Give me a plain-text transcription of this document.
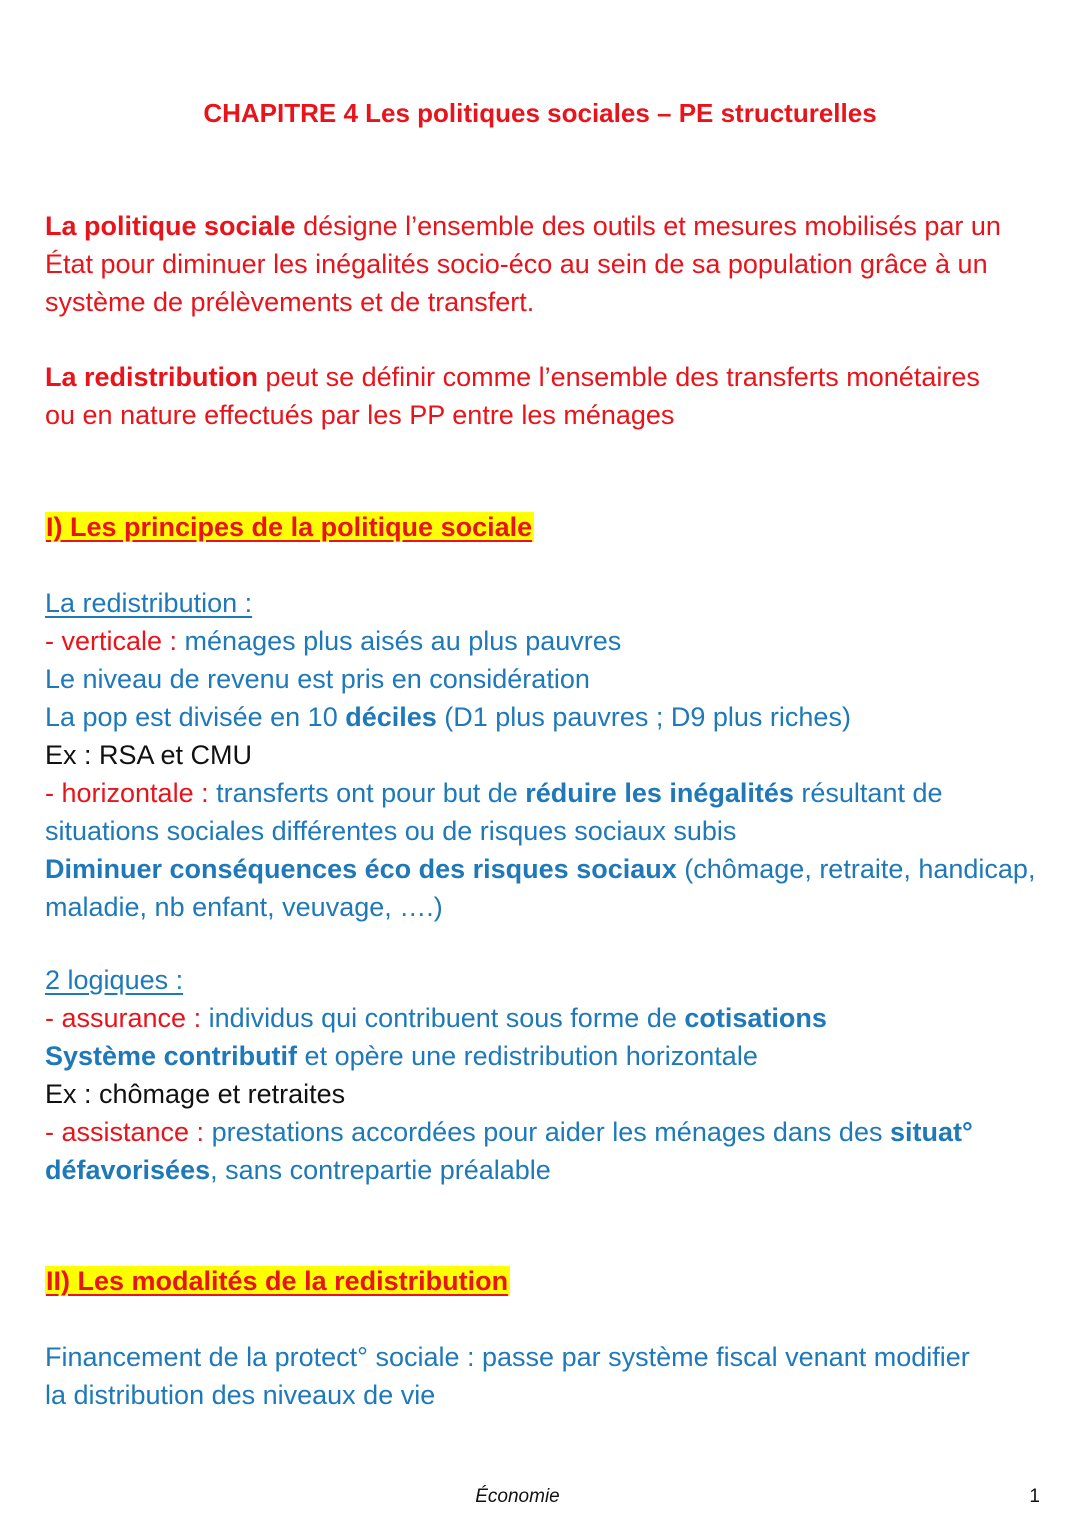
CHAPITRE 4 Les politiques sociales – PE structurelles
La politique sociale désigne l’ensemble des outils et mesures mobilisés par un
État pour diminuer les inégalités socio-éco au sein de sa population grâce à un
système de prélèvements et de transfert.
La redistribution peut se définir comme l’ensemble des transferts monétaires
ou en nature effectués par les PP entre les ménages
I) Les principes de la politique sociale
La redistribution :
- verticale : ménages plus aisés au plus pauvres
Le niveau de revenu est pris en considération
La pop est divisée en 10 déciles (D1 plus pauvres ; D9 plus riches)
Ex : RSA et CMU
- horizontale : transferts ont pour but de réduire les inégalités résultant de
situations sociales différentes ou de risques sociaux subis
Diminuer conséquences éco des risques sociaux (chômage, retraite, handicap,
maladie, nb enfant, veuvage, ….)
2 logiques :
- assurance : individus qui contribuent sous forme de cotisations
Système contributif et opère une redistribution horizontale
Ex : chômage et retraites
- assistance : prestations accordées pour aider les ménages dans des situat°
défavorisées, sans contrepartie préalable
II) Les modalités de la redistribution
Financement de la protect° sociale : passe par système fiscal venant modifier
la distribution des niveaux de vie
Économie	1
